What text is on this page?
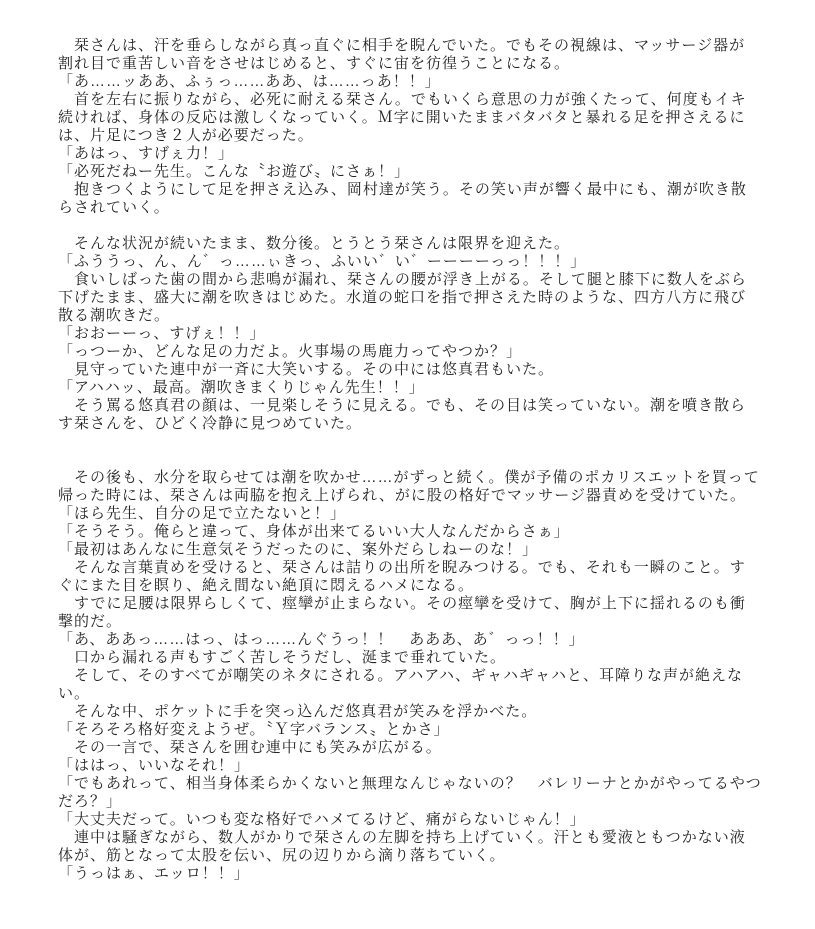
　栞さんは、汗を垂らしながら真っ直ぐに相手を睨んでいた。でもその視線は、マッサージ器が
割れ目で重苦しい音をさせはじめると、すぐに宙を彷徨うことになる。
「あ……ッああ、ふぅっ……ああ、は……っあ！！」
　首を左右に振りながら、必死に耐える栞さん。でもいくら意思の力が強くたって、何度もイキ
続ければ、身体の反応は激しくなっていく。Ｍ字に開いたままバタバタと暴れる足を押さえるに
は、片足につき２人が必要だった。
「あはっ、すげぇ力！」
「必死だねー先生。こんな〝お遊び〟にさぁ！」
　抱きつくようにして足を押さえ込み、岡村達が笑う。その笑い声が響く最中にも、潮が吹き散
らされていく。

　そんな状況が続いたまま、数分後。とうとう栞さんは限界を迎えた。
「ふううっ、ん、ん゛っ……ぃきっ、ふいい゛い゛ーーーーっっ！！！」
　食いしばった歯の間から悲鳴が漏れ、栞さんの腰が浮き上がる。そして腿と膝下に数人をぶら
下げたまま、盛大に潮を吹きはじめた。水道の蛇口を指で押さえた時のような、四方八方に飛び
散る潮吹きだ。
「おおーーっ、すげぇ！！」
「っつーか、どんな足の力だよ。火事場の馬鹿力ってやつか？」
　見守っていた連中が一斉に大笑いする。その中には悠真君もいた。
「アハハッ、最高。潮吹きまくりじゃん先生！！」
　そう罵る悠真君の顔は、一見楽しそうに見える。でも、その目は笑っていない。潮を噴き散ら
す栞さんを、ひどく冷静に見つめていた。

　その後も、水分を取らせては潮を吹かせ……がずっと続く。僕が予備のポカリスエットを買って
帰った時には、栞さんは両脇を抱え上げられ、がに股の格好でマッサージ器責めを受けていた。
「ほら先生、自分の足で立たないと！」
「そうそう。俺らと違って、身体が出来てるいい大人なんだからさぁ」
「最初はあんなに生意気そうだったのに、案外だらしねーのな！」
　そんな言葉責めを受けると、栞さんは詰りの出所を睨みつける。でも、それも一瞬のこと。す
ぐにまた目を瞑り、絶え間ない絶頂に悶えるハメになる。
　すでに足腰は限界らしくて、痙攣が止まらない。その痙攣を受けて、胸が上下に揺れるのも衝
撃的だ。
「あ、ああっ……はっ、はっ……んぐうっ！！　あああ、あ゛っっ！！」
　口から漏れる声もすごく苦しそうだし、涎まで垂れていた。
　そして、そのすべてが嘲笑のネタにされる。アハアハ、ギャハギャハと、耳障りな声が絶えな
い。
　そんな中、ポケットに手を突っ込んだ悠真君が笑みを浮かべた。
「そろそろ格好変えようぜ。〝Ｙ字バランス〟とかさ」
　その一言で、栞さんを囲む連中にも笑みが広がる。
「ははっ、いいなそれ！」
「でもあれって、相当身体柔らかくないと無理なんじゃないの？　バレリーナとかがやってるやつ
だろ？」
「大丈夫だって。いつも変な格好でハメてるけど、痛がらないじゃん！」
　連中は騒ぎながら、数人がかりで栞さんの左脚を持ち上げていく。汗とも愛液ともつかない液
体が、筋となって太股を伝い、尻の辺りから滴り落ちていく。
「うっはぁ、エッロ！！」
